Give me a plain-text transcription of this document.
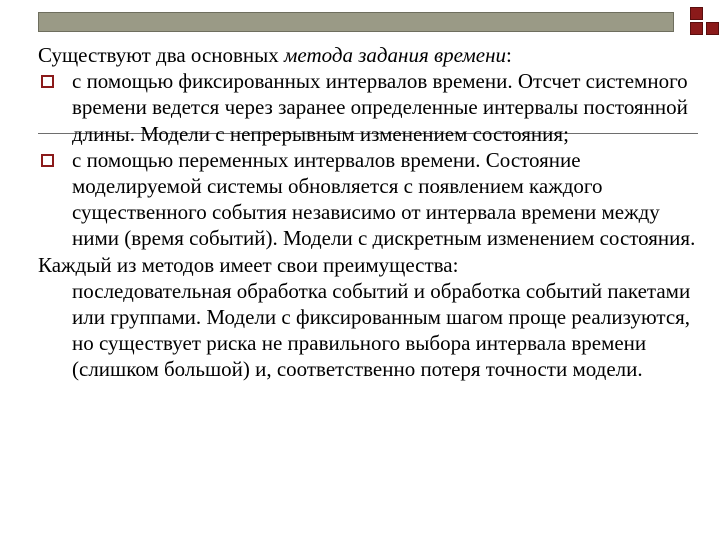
Существуют два основных метода задания времени:

с помощью фиксированных интервалов времени. Отсчет системного времени ведется через заранее определенные интервалы постоянной длины. Модели с непрерывным изменением состояния;
с помощью переменных интервалов времени. Состояние моделируемой системы обновляется с появлением каждого существенного события независимо от интервала времени между ними (время событий). Модели с дискретным изменением состояния.

Каждый из методов имеет свои преимущества:

последовательная обработка событий и обработка событий пакетами или группами. Модели с фиксированным шагом проще реализуются, но существует риска не правильного выбора интервала времени (слишком большой) и, соответственно потеря точности модели.
